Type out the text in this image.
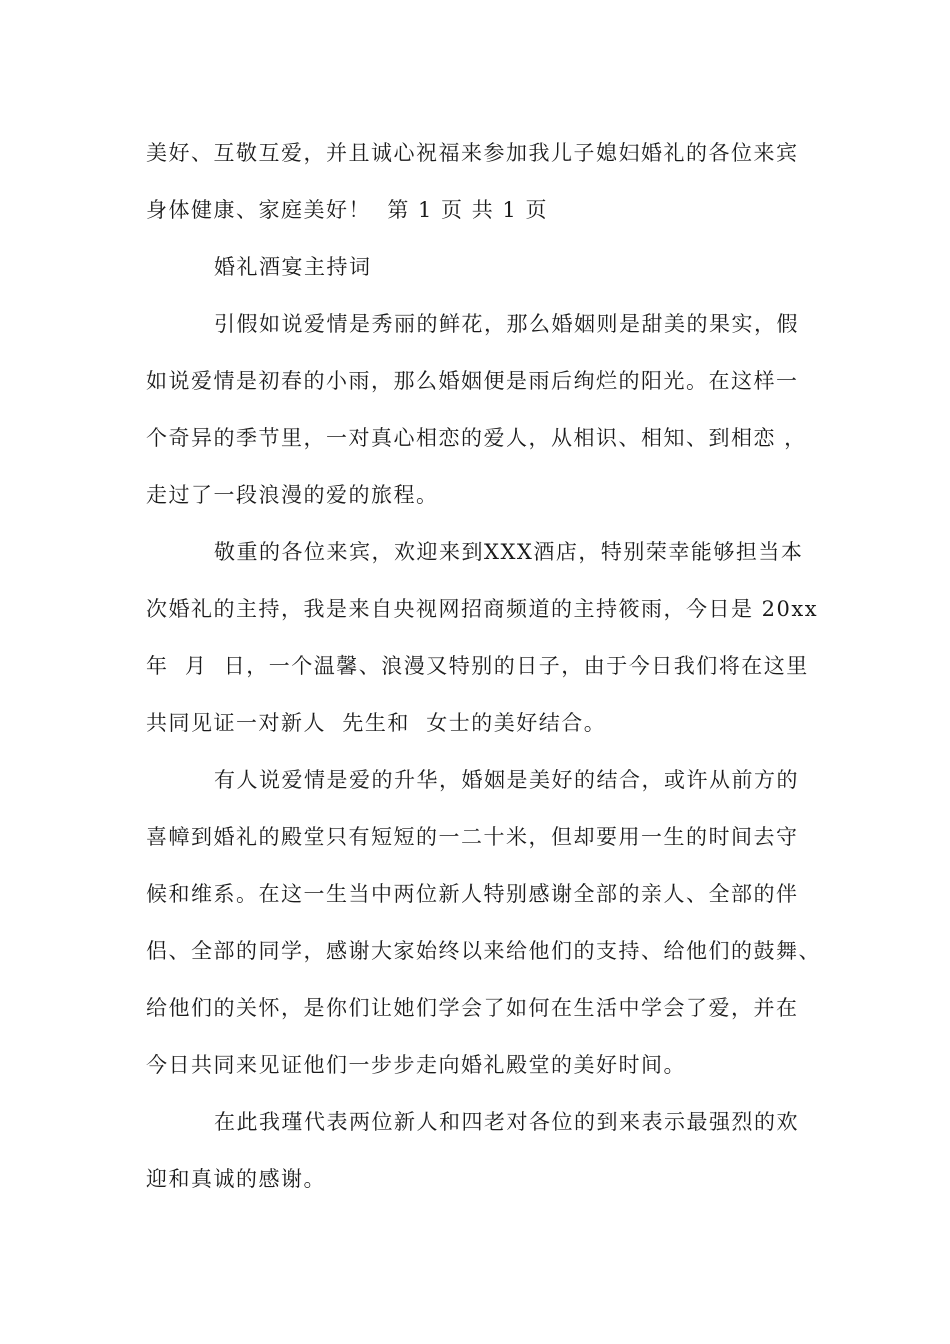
美好、互敬互爱，并且诚心祝福来参加我儿子媳妇婚礼的各位来宾
身体健康、家庭美好！  第 1 页 共 1 页
婚礼酒宴主持词
引假如说爱情是秀丽的鲜花，那么婚姻则是甜美的果实，假
如说爱情是初春的小雨，那么婚姻便是雨后绚烂的阳光。在这样一
个奇异的季节里，一对真心相恋的爱人，从相识、相知、到相恋 ，
走过了一段浪漫的爱的旅程。
敬重的各位来宾，欢迎来到XXX酒店，特别荣幸能够担当本
次婚礼的主持，我是来自央视网招商频道的主持筱雨，今日是 20xx
年  月  日，一个温馨、浪漫又特别的日子，由于今日我们将在这里
共同见证一对新人  先生和  女士的美好结合。
有人说爱情是爱的升华，婚姻是美好的结合，或许从前方的
喜幛到婚礼的殿堂只有短短的一二十米，但却要用一生的时间去守
候和维系。在这一生当中两位新人特别感谢全部的亲人、全部的伴
侣、全部的同学，感谢大家始终以来给他们的支持、给他们的鼓舞、
给他们的关怀，是你们让她们学会了如何在生活中学会了爱，并在
今日共同来见证他们一步步走向婚礼殿堂的美好时间。
在此我瑾代表两位新人和四老对各位的到来表示最强烈的欢
迎和真诚的感谢。
